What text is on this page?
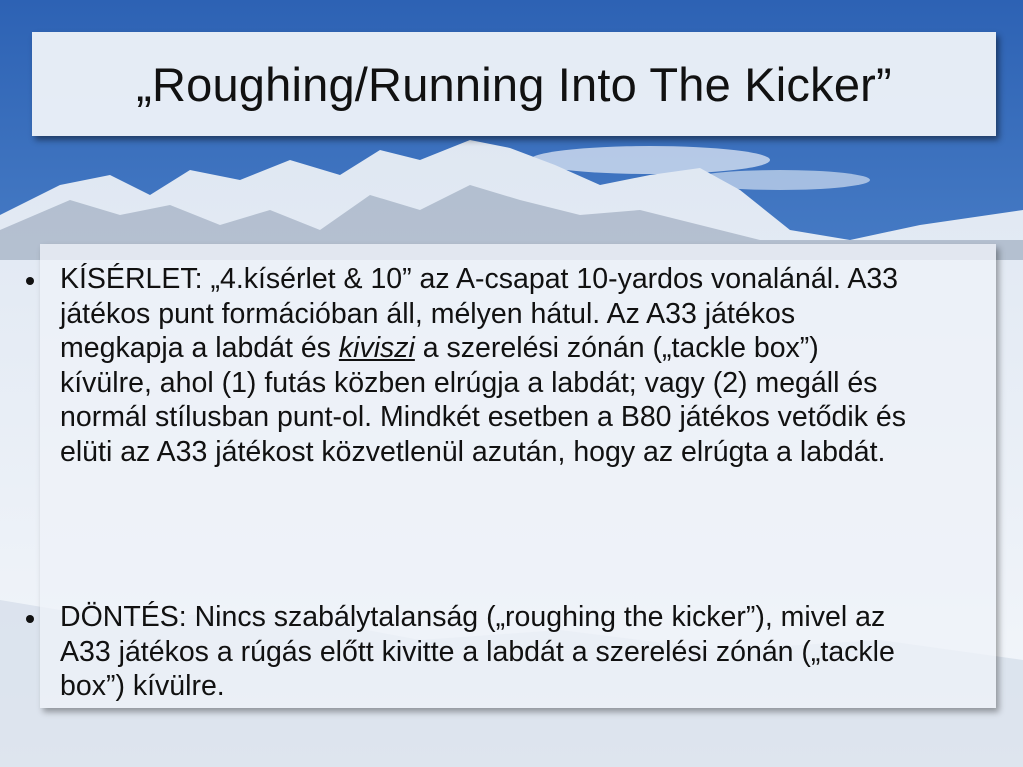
„Roughing/Running Into The Kicker”
KÍSÉRLET: „4.kísérlet & 10” az A-csapat 10-yardos vonalánál. A33 játékos punt formációban áll, mélyen hátul. Az A33 játékos megkapja a labdát és kiviszi a szerelési zónán („tackle box”) kívülre, ahol (1) futás közben elrúgja a labdát; vagy (2) megáll és normál stílusban punt-ol. Mindkét esetben a B80 játékos vetődik és elüti az A33 játékost közvetlenül azután, hogy az elrúgta a labdát.
DÖNTÉS: Nincs szabálytalanság („roughing the kicker”), mivel az A33 játékos a rúgás előtt kivitte a labdát a szerelési zónán („tackle box”) kívülre.
